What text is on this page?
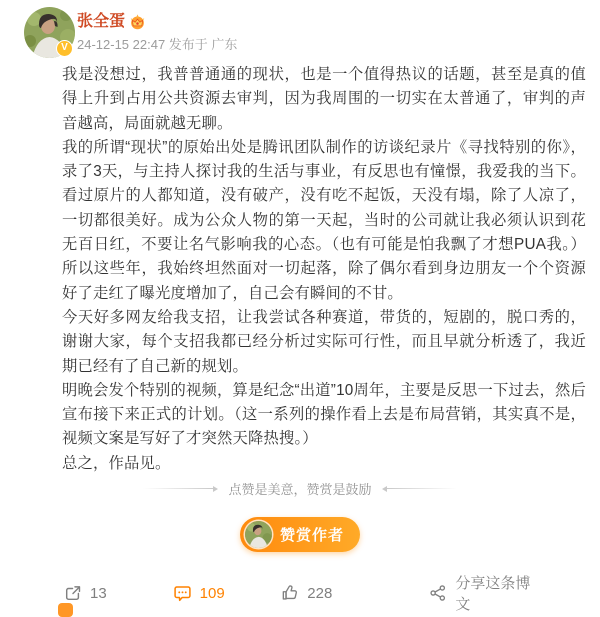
V
张全蛋
24-12-15 22:47 发布于 广东

我是没想过，我普普通通的现状，也是一个值得热议的话题，甚至是真的值得上升到占用公共资源去审判，因为我周围的一切实在太普通了，审判的声音越高，局面就越无聊。

我的所谓“现状”的原始出处是腾讯团队制作的访谈纪录片《寻找特别的你》，录了3天，与主持人探讨我的生活与事业，有反思也有憧憬，我爱我的当下。看过原片的人都知道，没有破产，没有吃不起饭，天没有塌，除了人凉了，一切都很美好。成为公众人物的第一天起，当时的公司就让我必须认识到花无百日红，不要让名气影响我的心态。（也有可能是怕我飘了才想PUA我。）所以这些年，我始终坦然面对一切起落，除了偶尔看到身边朋友一个个资源好了走红了曝光度增加了，自己会有瞬间的不甘。

今天好多网友给我支招，让我尝试各种赛道，带货的，短剧的，脱口秀的，谢谢大家，每个支招我都已经分析过实际可行性，而且早就分析透了，我近期已经有了自己新的规划。

明晚会发个特别的视频，算是纪念“出道”10周年，主要是反思一下过去，然后宣布接下来正式的计划。（这一系列的操作看上去是布局营销，其实真不是，视频文案是写好了才突然天降热搜。）

总之，作品见。

点赞是美意，赞赏是鼓励
赞赏作者
13	109	228
分享这条博文
